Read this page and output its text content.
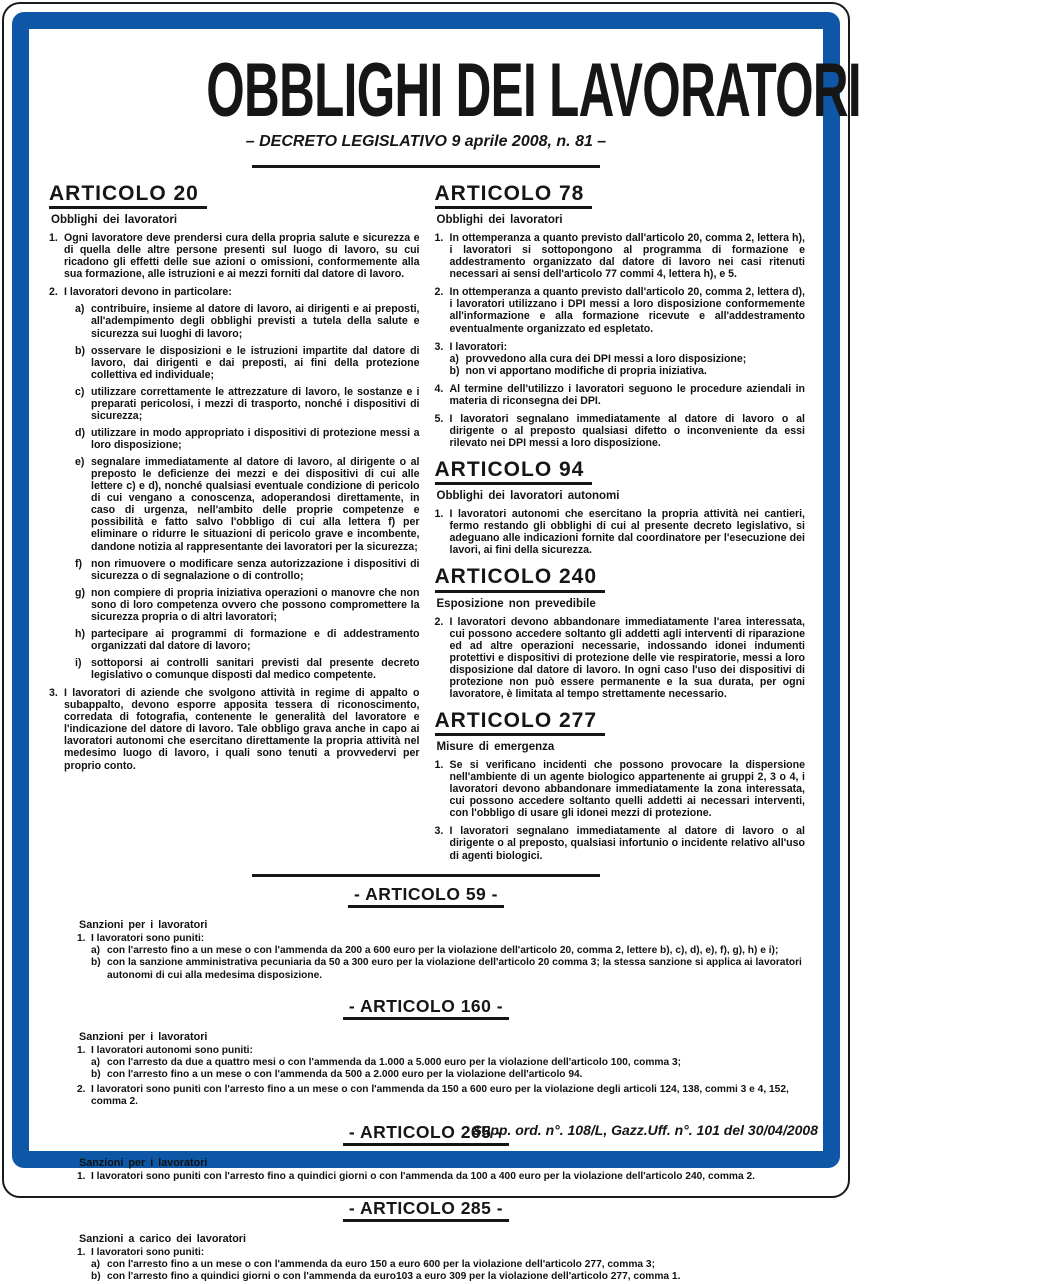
OBBLIGHI DEI LAVORATORI
– DECRETO LEGISLATIVO 9 aprile 2008, n. 81 –
ARTICOLO 20
Obblighi dei lavoratori
1. Ogni lavoratore deve prendersi cura della propria salute e sicurezza e di quella delle altre persone presenti sul luogo di lavoro, su cui ricadono gli effetti delle sue azioni o omissioni, conformemente alla sua formazione, alle istruzioni e ai mezzi forniti dal datore di lavoro.
2. I lavoratori devono in particolare:
a) contribuire, insieme al datore di lavoro, ai dirigenti e ai preposti, all'adempimento degli obblighi previsti a tutela della salute e sicurezza sui luoghi di lavoro;
b) osservare le disposizioni e le istruzioni impartite dal datore di lavoro, dai dirigenti e dai preposti, ai fini della protezione collettiva ed individuale;
c) utilizzare correttamente le attrezzature di lavoro, le sostanze e i preparati pericolosi, i mezzi di trasporto, nonché i dispositivi di sicurezza;
d) utilizzare in modo appropriato i dispositivi di protezione messi a loro disposizione;
e) segnalare immediatamente al datore di lavoro, al dirigente o al preposto le deficienze dei mezzi e dei dispositivi di cui alle lettere c) e d), nonché qualsiasi eventuale condizione di pericolo di cui vengano a conoscenza, adoperandosi direttamente, in caso di urgenza, nell'ambito delle proprie competenze e possibilità e fatto salvo l'obbligo di cui alla lettera f) per eliminare o ridurre le situazioni di pericolo grave e incombente, dandone notizia al rappresentante dei lavoratori per la sicurezza;
f) non rimuovere o modificare senza autorizzazione i dispositivi di sicurezza o di segnalazione o di controllo;
g) non compiere di propria iniziativa operazioni o manovre che non sono di loro competenza ovvero che possono compromettere la sicurezza propria o di altri lavoratori;
h) partecipare ai programmi di formazione e di addestramento organizzati dal datore di lavoro;
i) sottoporsi ai controlli sanitari previsti dal presente decreto legislativo o comunque disposti dal medico competente.
3. I lavoratori di aziende che svolgono attività in regime di appalto o subappalto, devono esporre apposita tessera di riconoscimento, corredata di fotografia, contenente le generalità del lavoratore e l'indicazione del datore di lavoro. Tale obbligo grava anche in capo ai lavoratori autonomi che esercitano direttamente la propria attività nel medesimo luogo di lavoro, i quali sono tenuti a provvedervi per proprio conto.
ARTICOLO 78
Obblighi dei lavoratori
1. In ottemperanza a quanto previsto dall'articolo 20, comma 2, lettera h), i lavoratori si sottopongono al programma di formazione e addestramento organizzato dal datore di lavoro nei casi ritenuti necessari ai sensi dell'articolo 77 commi 4, lettera h), e 5.
2. In ottemperanza a quanto previsto dall'articolo 20, comma 2, lettera d), i lavoratori utilizzano i DPI messi a loro disposizione conformemente all'informazione e alla formazione ricevute e all'addestramento eventualmente organizzato ed espletato.
3. I lavoratori:
a) provvedono alla cura dei DPI messi a loro disposizione;
b) non vi apportano modifiche di propria iniziativa.
4. Al termine dell'utilizzo i lavoratori seguono le procedure aziendali in materia di riconsegna dei DPI.
5. I lavoratori segnalano immediatamente al datore di lavoro o al dirigente o al preposto qualsiasi difetto o inconveniente da essi rilevato nei DPI messi a loro disposizione.
ARTICOLO 94
Obblighi dei lavoratori autonomi
1. I lavoratori autonomi che esercitano la propria attività nei cantieri, fermo restando gli obblighi di cui al presente decreto legislativo, si adeguano alle indicazioni fornite dal coordinatore per l'esecuzione dei lavori, ai fini della sicurezza.
ARTICOLO 240
Esposizione non prevedibile
2. I lavoratori devono abbandonare immediatamente l'area interessata, cui possono accedere soltanto gli addetti agli interventi di riparazione ed ad altre operazioni necessarie, indossando idonei indumenti protettivi e dispositivi di protezione delle vie respiratorie, messi a loro disposizione dal datore di lavoro. In ogni caso l'uso dei dispositivi di protezione non può essere permanente e la sua durata, per ogni lavoratore, è limitata al tempo strettamente necessario.
ARTICOLO 277
Misure di emergenza
1. Se si verificano incidenti che possono provocare la dispersione nell'ambiente di un agente biologico appartenente ai gruppi 2, 3 o 4, i lavoratori devono abbandonare immediatamente la zona interessata, cui possono accedere soltanto quelli addetti ai necessari interventi, con l'obbligo di usare gli idonei mezzi di protezione.
3. I lavoratori segnalano immediatamente al datore di lavoro o al dirigente o al preposto, qualsiasi infortunio o incidente relativo all'uso di agenti biologici.
- ARTICOLO 59 -
Sanzioni per i lavoratori
1. I lavoratori sono puniti:
a) con l'arresto fino a un mese o con l'ammenda da 200 a 600 euro per la violazione dell'articolo 20, comma 2, lettere b), c), d), e), f), g), h) e i);
b) con la sanzione amministrativa pecuniaria da 50 a 300 euro per la violazione dell'articolo 20 comma 3; la stessa sanzione si applica ai lavoratori autonomi di cui alla medesima disposizione.
- ARTICOLO 160 -
Sanzioni per i lavoratori
1. I lavoratori autonomi sono puniti:
a) con l'arresto da due a quattro mesi o con l'ammenda da 1.000 a 5.000 euro per la violazione dell'articolo 100, comma 3;
b) con l'arresto fino a un mese o con l'ammenda da 500 a 2.000 euro per la violazione dell'articolo 94.
2. I lavoratori sono puniti con l'arresto fino a un mese o con l'ammenda da 150 a 600 euro per la violazione degli articoli 124, 138, commi 3 e 4, 152, comma 2.
- ARTICOLO 265 -
Sanzioni per i lavoratori
1. I lavoratori sono puniti con l'arresto fino a quindici giorni o con l'ammenda da 100 a 400 euro per la violazione dell'articolo 240, comma 2.
- ARTICOLO 285 -
Sanzioni a carico dei lavoratori
1. I lavoratori sono puniti:
a) con l'arresto fino a un mese o con l'ammenda da euro 150 a euro 600 per la violazione dell'articolo 277, comma 3;
b) con l'arresto fino a quindici giorni o con l'ammenda da euro103 a euro 309 per la violazione dell'articolo 277, comma 1.
Supp. ord. n°. 108/L, Gazz.Uff. n°. 101 del 30/04/2008
